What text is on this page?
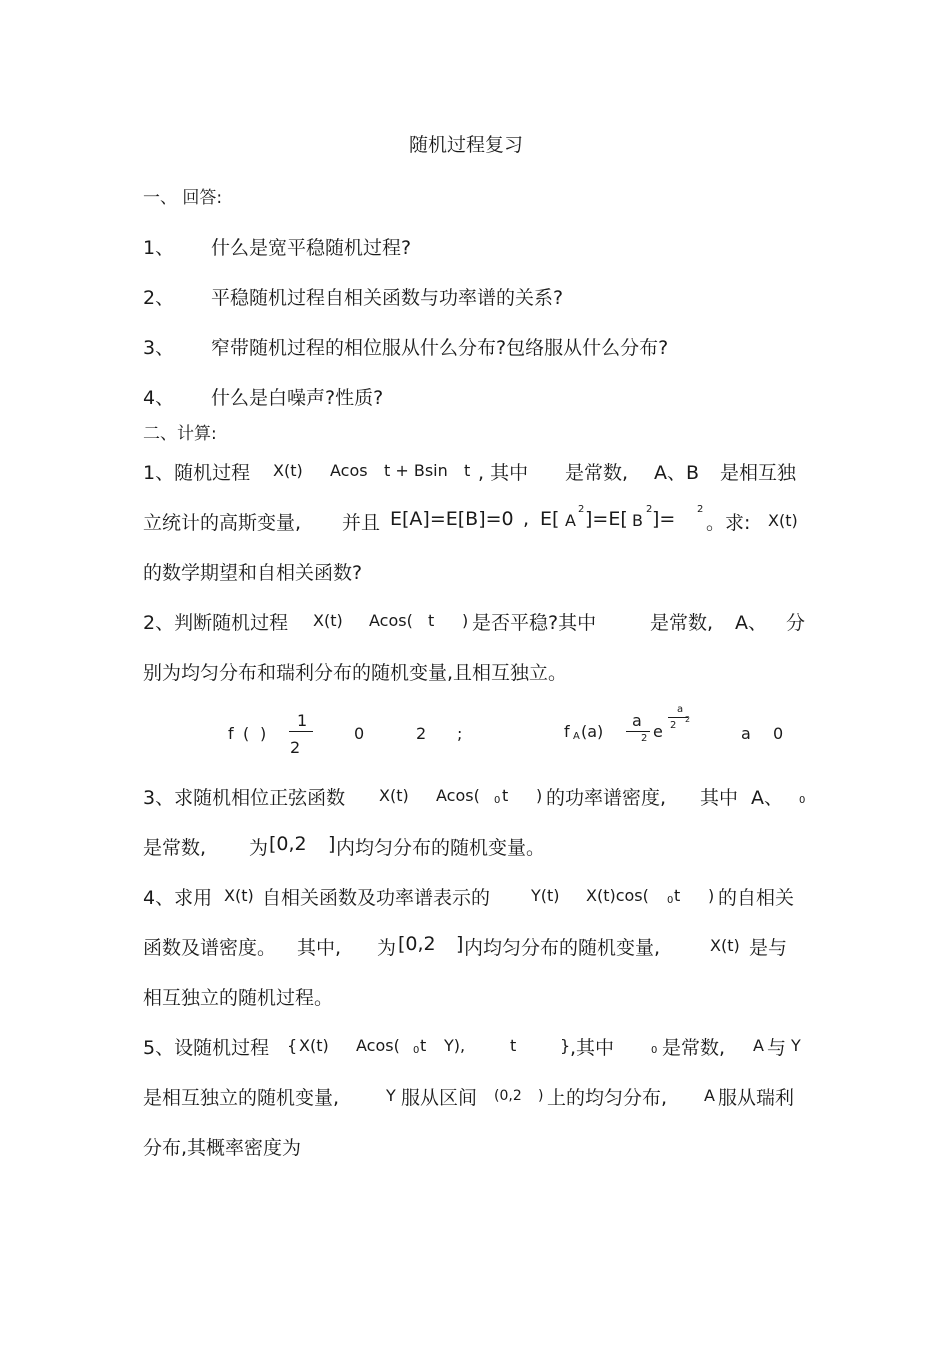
随机过程复习
一、 回答:
1、 什么是宽平稳随机过程?
2、 平稳随机过程自相关函数与功率谱的关系?
3、 窄带随机过程的相位服从什么分布?包络服从什么分布?
4、 什么是白噪声?性质?
二、计算:
1、随机过程 X(t) Acos t + Bsin t , 其中 是常数, A、B 是相互独
立统计的高斯变量, 并且 E[A]=E[B]=0 , E[ A
2 ]=E[ B
2 ]= 2
。求: X(t)
的数学期望和自相关函数?
2、判断随机过程 X(t) Acos( t ) 是否平稳?其中	是常数, A、 分
别为均匀分布和瑞利分布的随机变量,且相互独立。
f ( )
1
2
0	2 ;	f A (a)
a
2 e
a
2
2
a 0
3、求随机相位正弦函数 X(t) Acos( 0 t ) 的功率谱密度, 其中 A、 0
是常数, 为 [0,2 ] 内均匀分布的随机变量。
4、求用 X(t) 自相关函数及功率谱表示的	Y(t) X(t)cos( 0 t ) 的自相关
函数及谱密度。 其中, 为 [0,2 ] 内均匀分布的随机变量,	X(t) 是与
相互独立的随机过程。
5、设随机过程 { X(t) Acos( 0 t Y),	t	} ,其中	0 是常数, A 与 Y
是相互独立的随机变量,	Y 服从区间 (0,2 ) 上的均匀分布, A 服从瑞利
分布,其概率密度为
